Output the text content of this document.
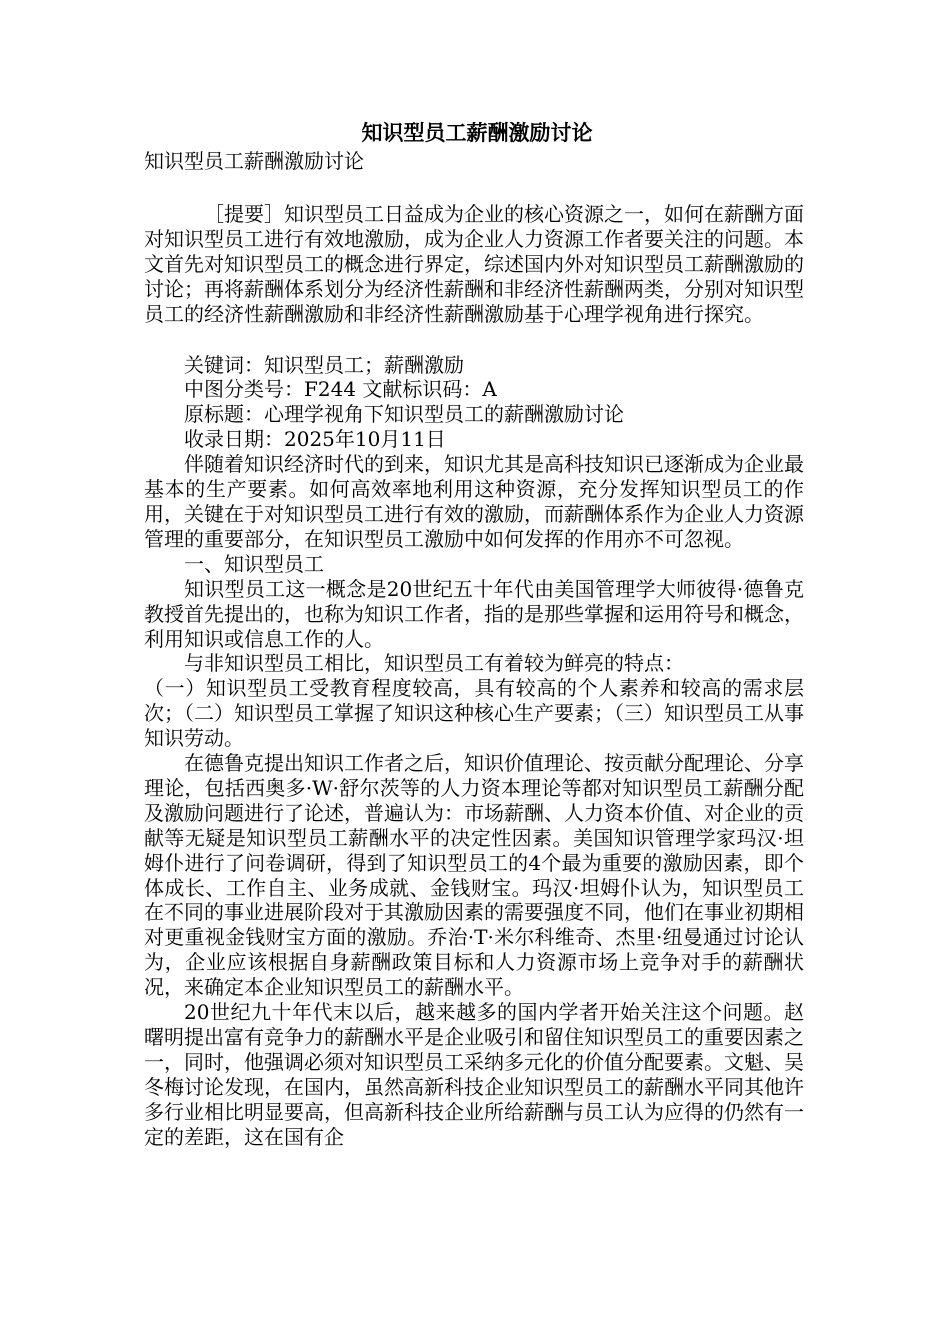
知识型员工薪酬激励讨论

知识型员工薪酬激励讨论

［提要］知识型员工日益成为企业的核心资源之一，如何在薪酬方面对知识型员工进行有效地激励，成为企业人力资源工作者要关注的问题。本文首先对知识型员工的概念进行界定，综述国内外对知识型员工薪酬激励的讨论；再将薪酬体系划分为经济性薪酬和非经济性薪酬两类，分别对知识型员工的经济性薪酬激励和非经济性薪酬激励基于心理学视角进行探究。

关键词：知识型员工；薪酬激励

中图分类号：F244 文献标识码：A

原标题：心理学视角下知识型员工的薪酬激励讨论

收录日期：2025年10月11日

伴随着知识经济时代的到来，知识尤其是高科技知识已逐渐成为企业最基本的生产要素。如何高效率地利用这种资源，充分发挥知识型员工的作用，关键在于对知识型员工进行有效的激励，而薪酬体系作为企业人力资源管理的重要部分，在知识型员工激励中如何发挥的作用亦不可忽视。

一、知识型员工

知识型员工这一概念是20世纪五十年代由美国管理学大师彼得·德鲁克教授首先提出的，也称为知识工作者，指的是那些掌握和运用符号和概念，利用知识或信息工作的人。

与非知识型员工相比，知识型员工有着较为鲜亮的特点：

（一）知识型员工受教育程度较高，具有较高的个人素养和较高的需求层次；（二）知识型员工掌握了知识这种核心生产要素；（三）知识型员工从事知识劳动。

在德鲁克提出知识工作者之后，知识价值理论、按贡献分配理论、分享理论，包括西奥多·W·舒尔茨等的人力资本理论等都对知识型员工薪酬分配及激励问题进行了论述，普遍认为：市场薪酬、人力资本价值、对企业的贡献等无疑是知识型员工薪酬水平的决定性因素。美国知识管理学家玛汉·坦姆仆进行了问卷调研，得到了知识型员工的4个最为重要的激励因素，即个体成长、工作自主、业务成就、金钱财宝。玛汉·坦姆仆认为，知识型员工在不同的事业进展阶段对于其激励因素的需要强度不同，他们在事业初期相对更重视金钱财宝方面的激励。乔治·T·米尔科维奇、杰里·纽曼通过讨论认为，企业应该根据自身薪酬政策目标和人力资源市场上竞争对手的薪酬状况，来确定本企业知识型员工的薪酬水平。

20世纪九十年代末以后，越来越多的国内学者开始关注这个问题。赵曙明提出富有竞争力的薪酬水平是企业吸引和留住知识型员工的重要因素之一，同时，他强调必须对知识型员工采纳多元化的价值分配要素。文魁、吴冬梅讨论发现，在国内，虽然高新科技企业知识型员工的薪酬水平同其他许多行业相比明显要高，但高新科技企业所给薪酬与员工认为应得的仍然有一定的差距，这在国有企
